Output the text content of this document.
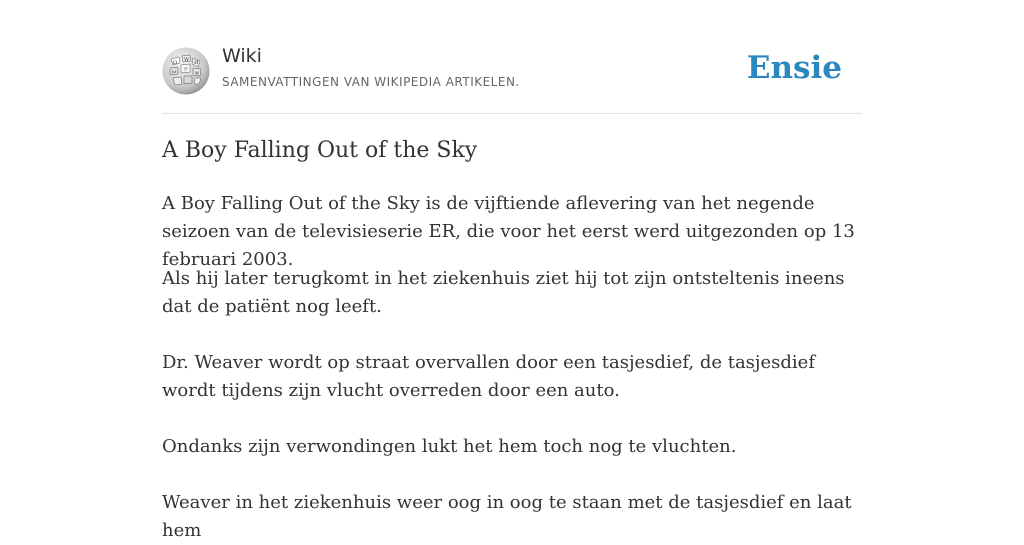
Ω W И
ω ウ ψ
Wiki
SAMENVATTINGEN VAN WIKIPEDIA ARTIKELEN.	Ensie
A Boy Falling Out of the Sky

A Boy Falling Out of the Sky is de vijftiende aflevering van het negende seizoen van de televisieserie ER, die voor het eerst werd uitgezonden op 13 februari 2003.

Als hij later terugkomt in het ziekenhuis ziet hij tot zijn ontsteltenis ineens dat de patiënt nog leeft.

Dr. Weaver wordt op straat overvallen door een tasjesdief, de tasjesdief wordt tijdens zijn vlucht overreden door een auto.

Ondanks zijn verwondingen lukt het hem toch nog te vluchten.

Weaver in het ziekenhuis weer oog in oog te staan met de tasjesdief en laat hem
